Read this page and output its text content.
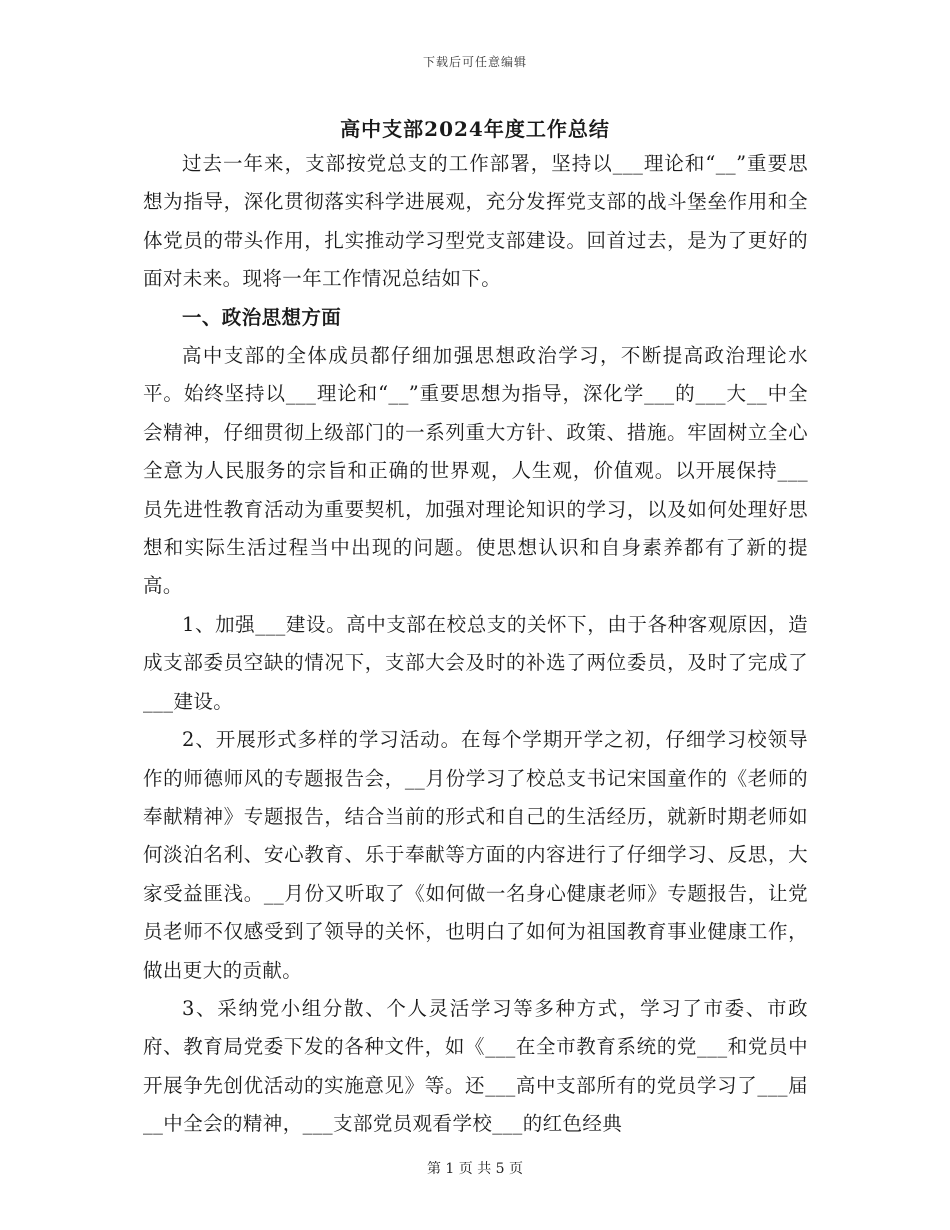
下载后可任意编辑
高中支部2024年度工作总结

过去一年来，支部按党总支的工作部署，坚持以___理论和“__”重要思想为指导，深化贯彻落实科学进展观，充分发挥党支部的战斗堡垒作用和全体党员的带头作用，扎实推动学习型党支部建设。回首过去，是为了更好的面对未来。现将一年工作情况总结如下。

一、政治思想方面

高中支部的全体成员都仔细加强思想政治学习，不断提高政治理论水平。始终坚持以___理论和“__”重要思想为指导，深化学___的___大__中全会精神，仔细贯彻上级部门的一系列重大方针、政策、措施。牢固树立全心全意为人民服务的宗旨和正确的世界观，人生观，价值观。以开展保持___员先进性教育活动为重要契机，加强对理论知识的学习，以及如何处理好思想和实际生活过程当中出现的问题。使思想认识和自身素养都有了新的提高。

1、加强___建设。高中支部在校总支的关怀下，由于各种客观原因，造成支部委员空缺的情况下，支部大会及时的补选了两位委员，及时了完成了___建设。

2、开展形式多样的学习活动。在每个学期开学之初，仔细学习校领导作的师德师风的专题报告会，__月份学习了校总支书记宋国童作的《老师的奉献精神》专题报告，结合当前的形式和自己的生活经历，就新时期老师如何淡泊名利、安心教育、乐于奉献等方面的内容进行了仔细学习、反思，大家受益匪浅。__月份又听取了《如何做一名身心健康老师》专题报告，让党员老师不仅感受到了领导的关怀，也明白了如何为祖国教育事业健康工作，做出更大的贡献。

3、采纳党小组分散、个人灵活学习等多种方式，学习了市委、市政府、教育局党委下发的各种文件，如《___在全市教育系统的党___和党员中开展争先创优活动的实施意见》等。还___高中支部所有的党员学习了___届__中全会的精神，___支部党员观看学校___的红色经典

第 1 页 共 5 页
